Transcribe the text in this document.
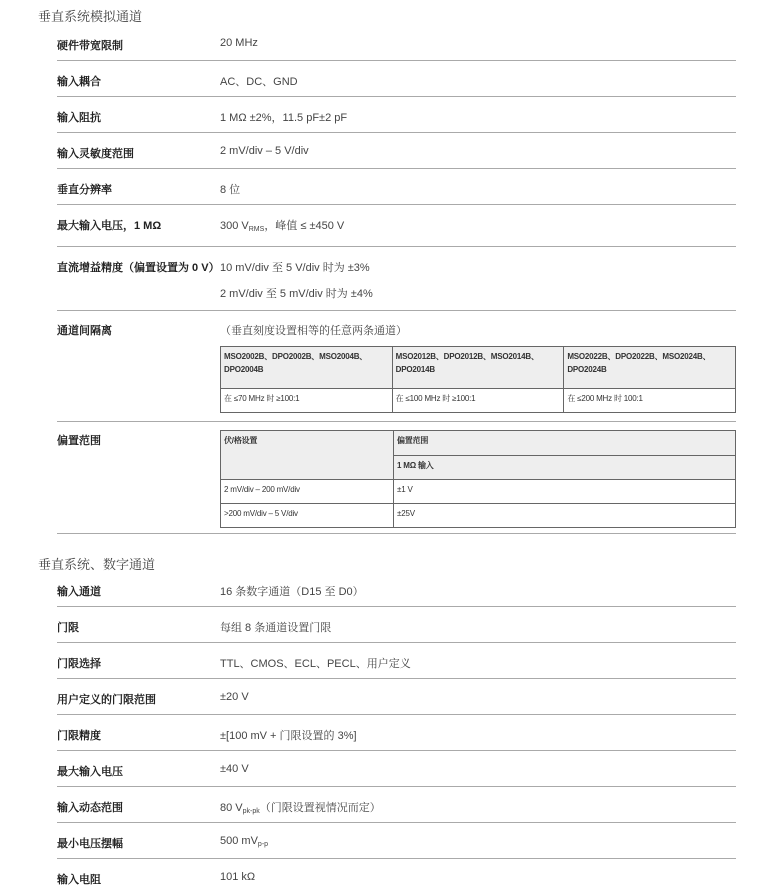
垂直系统模拟通道
硬件带宽限制	20 MHz
输入耦合	AC、DC、GND
输入阻抗	1 MΩ ±2%，11.5 pF±2 pF
输入灵敏度范围	2 mV/div – 5 V/div
垂直分辨率	8 位
最大输入电压，1 MΩ	300 $V_{RMS}$，峰值 ≤ ±450 V
直流增益精度（偏置设置为 0 V） 10 mV/div 至 5 V/div 时为 ±3%
2 mV/div 至 5 mV/div 时为 ±4%
通道间隔离	（垂直刻度设置相等的任意两条通道）
MSO2002B、DPO2002B、MSO2004B、DPO2004B	MSO2012B、DPO2012B、MSO2014B、DPO2014B	MSO2022B、DPO2022B、MSO2024B、DPO2024B
在 ≤70 MHz 时 ≥100:1	在 ≤100 MHz 时 ≥100:1	在 ≤200 MHz 时 100:1
偏置范围	伏/格设置	偏置范围
	1 MΩ 输入
2 mV/div – 200 mV/div	±1 V
>200 mV/div – 5 V/div	±25V
垂直系统、数字通道
输入通道	16 条数字通道（D15 至 D0）
门限	每组 8 条通道设置门限
门限选择	TTL、CMOS、ECL、PECL、用户定义
用户定义的门限范围	±20 V
门限精度	±[100 mV + 门限设置的 3%]
最大输入电压	±40 V
输入动态范围	80 $V_{pk-pk}$（门限设置视情况而定）
最小电压摆幅	500 $mV_{p-p}$
输入电阻	101 kΩ
